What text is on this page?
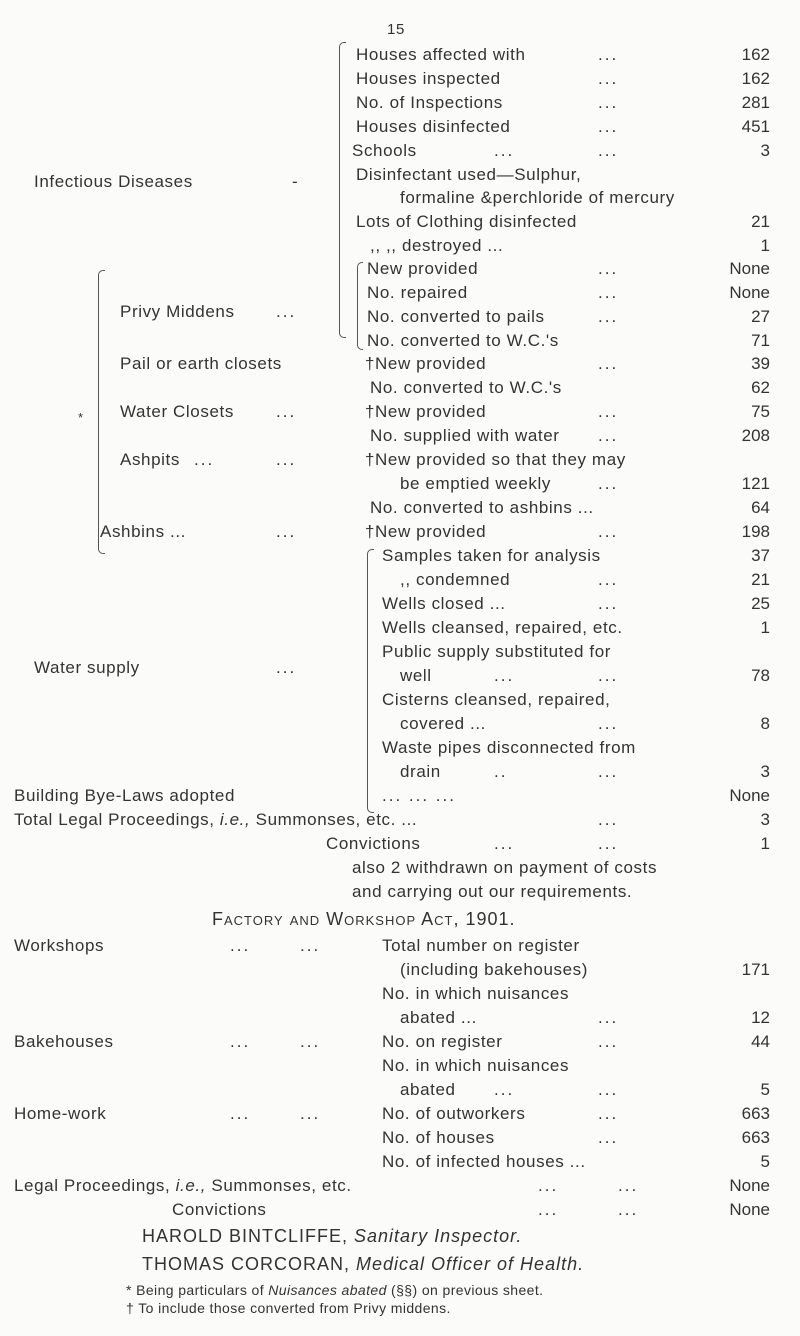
15
Infectious Diseases	-
Houses affected with	...	162
Houses inspected	...	162
No. of Inspections	...	281
Houses disinfected	...	451
Schools	...	...	3
Disinfectant used—Sulphur,
formaline &perchloride of mercury
Lots of Clothing disinfected	21
,, ,, destroyed ...	1
*
Privy Middens ...
New provided	...	None
No. repaired	...	None
No. converted to pails	...	27
No. converted to W.C.'s	71
Pail or earth closets	†New provided	...	39
No. converted to W.C.'s	62
Water Closets ...	†New provided	...	75
No. supplied with water ...	208
Ashpits ...	...	†New provided so that they may
be emptied weekly	...	121
No. converted to ashbins ...	64
Ashbins ...	...	†New provided	...	198
Water supply	...
Samples taken for analysis	37
,, condemned	...	21
Wells closed ...	...	25
Wells cleansed, repaired, etc.	1
Public supply substituted for
well	...	...	78
Cisterns cleansed, repaired,
covered ...	...	8
Waste pipes disconnected from
drain	..	...	3
Building Bye-Laws adopted	... ... ...	None
Total Legal Proceedings, i.e., Summonses, etc. ...	...	3
Convictions	...	...	1
also 2 withdrawn on payment of costs
and carrying out our requirements.
Factory and Workshop Act, 1901.
Workshops	...	...	Total number on register
(including bakehouses)	171
No. in which nuisances
abated ...	...	12
Bakehouses	...	...	No. on register	...	44
No. in which nuisances
abated ...	...	5
Home-work	...	...	No. of outworkers	...	663
No. of houses	...	663
No. of infected houses ...	5
Legal Proceedings, i.e., Summonses, etc.	...	...	None
Convictions	...	...	None
HAROLD BINTCLIFFE, Sanitary Inspector.
THOMAS CORCORAN, Medical Officer of Health.
* Being particulars of Nuisances abated (§§) on previous sheet.
† To include those converted from Privy middens.
